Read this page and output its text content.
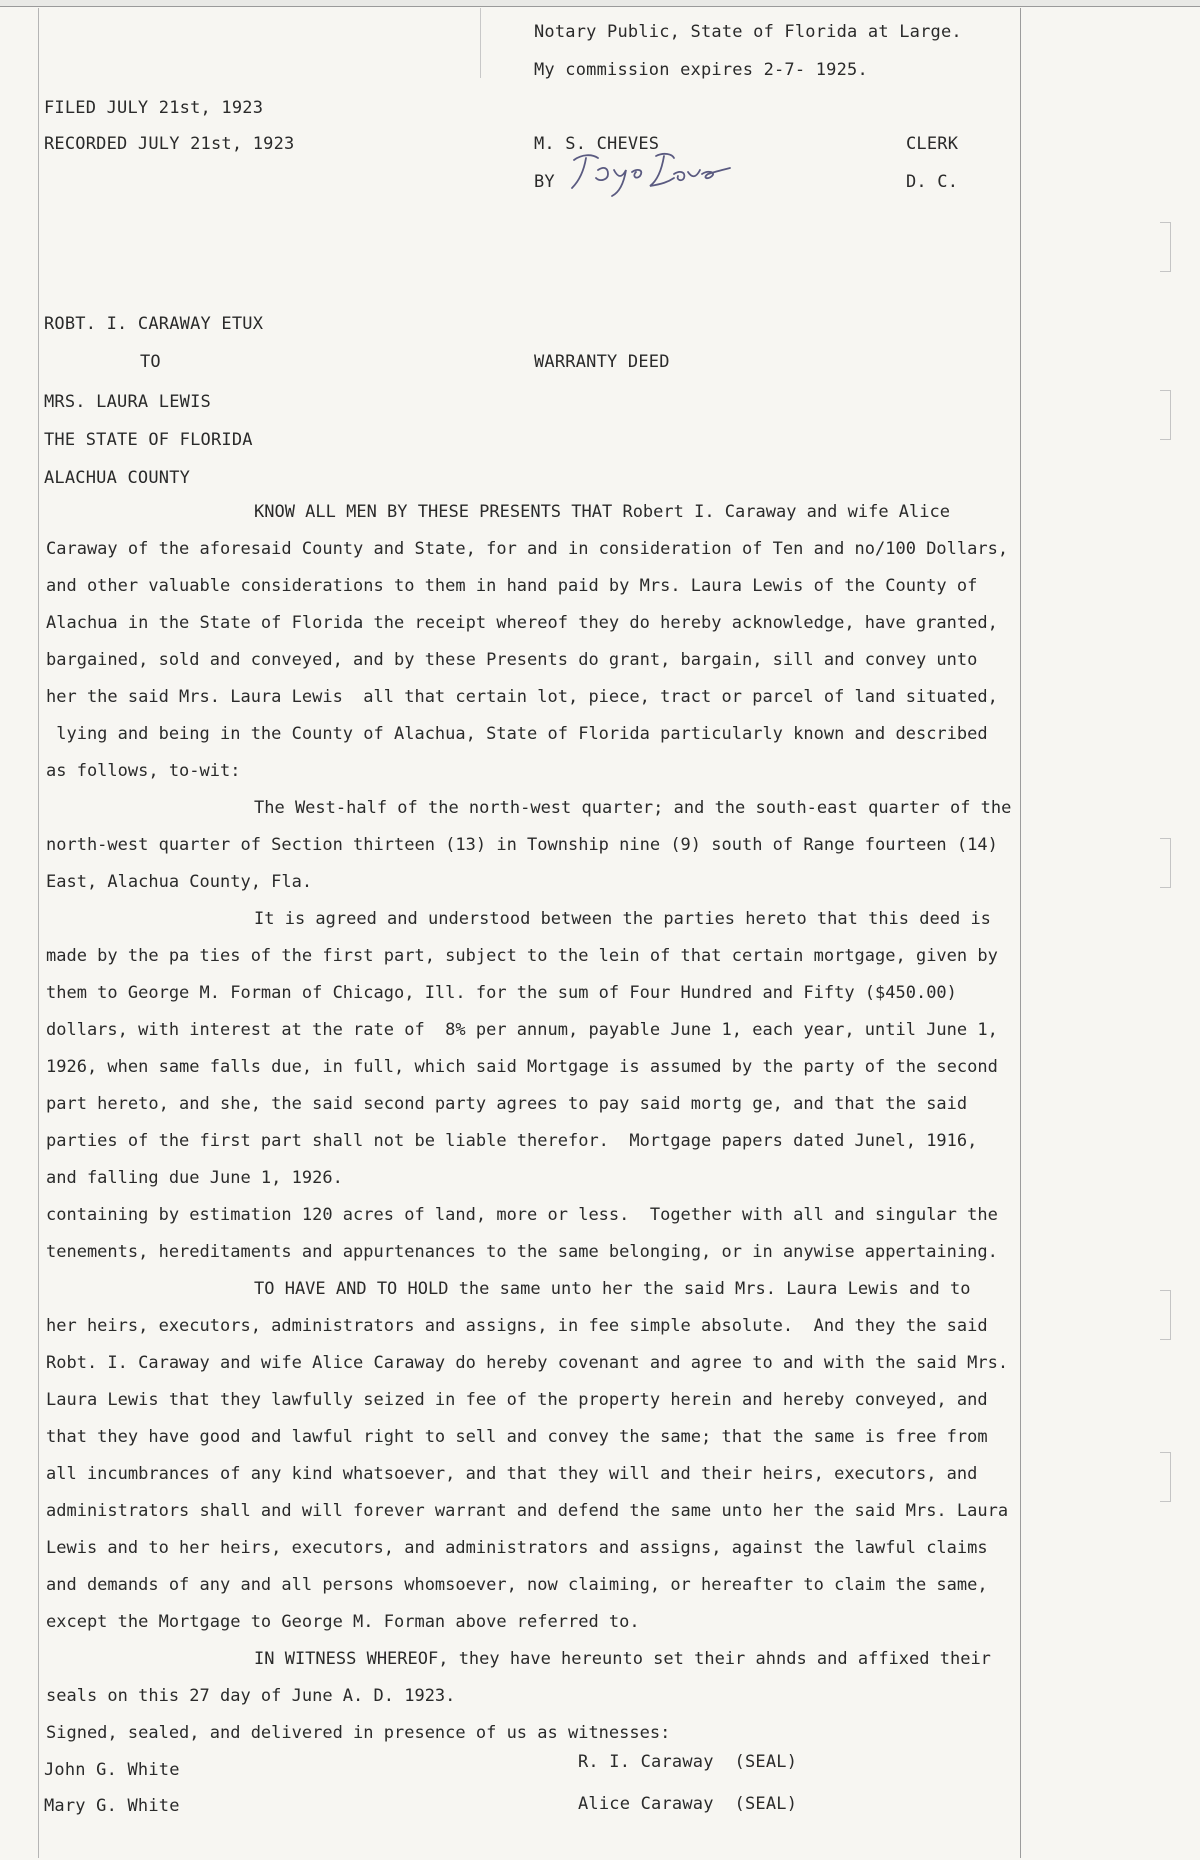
Notary Public, State of Florida at Large.
My commission expires 2-7- 1925.
FILED JULY 21st, 1923
RECORDED JULY 21st, 1923	M. S. CHEVES	CLERK
BY	D. C.
ROBT. I. CARAWAY ETUX
TO	WARRANTY DEED
MRS. LAURA LEWIS
THE STATE OF FLORIDA
ALACHUA COUNTY
KNOW ALL MEN BY THESE PRESENTS THAT Robert I. Caraway and wife Alice
Caraway of the aforesaid County and State, for and in consideration of Ten and no/100 Dollars,
and other valuable considerations to them in hand paid by Mrs. Laura Lewis of the County of
Alachua in the State of Florida the receipt whereof they do hereby acknowledge, have granted,
bargained, sold and conveyed, and by these Presents do grant, bargain, sill and convey unto
her the said Mrs. Laura Lewis  all that certain lot, piece, tract or parcel of land situated,
lying and being in the County of Alachua, State of Florida particularly known and described
as follows, to-wit:
The West-half of the north-west quarter; and the south-east quarter of the
north-west quarter of Section thirteen (13) in Township nine (9) south of Range fourteen (14)
East, Alachua County, Fla.
It is agreed and understood between the parties hereto that this deed is
made by the pa ties of the first part, subject to the lein of that certain mortgage, given by
them to George M. Forman of Chicago, Ill. for the sum of Four Hundred and Fifty ($450.00)
dollars, with interest at the rate of  8% per annum, payable June 1, each year, until June 1,
1926, when same falls due, in full, which said Mortgage is assumed by the party of the second
part hereto, and she, the said second party agrees to pay said mortg ge, and that the said
parties of the first part shall not be liable therefor.  Mortgage papers dated Junel, 1916,
and falling due June 1, 1926.
containing by estimation 120 acres of land, more or less.  Together with all and singular the
tenements, hereditaments and appurtenances to the same belonging, or in anywise appertaining.
TO HAVE AND TO HOLD the same unto her the said Mrs. Laura Lewis and to
her heirs, executors, administrators and assigns, in fee simple absolute.  And they the said
Robt. I. Caraway and wife Alice Caraway do hereby covenant and agree to and with the said Mrs.
Laura Lewis that they lawfully seized in fee of the property herein and hereby conveyed, and
that they have good and lawful right to sell and convey the same; that the same is free from
all incumbrances of any kind whatsoever, and that they will and their heirs, executors, and
administrators shall and will forever warrant and defend the same unto her the said Mrs. Laura
Lewis and to her heirs, executors, and administrators and assigns, against the lawful claims
and demands of any and all persons whomsoever, now claiming, or hereafter to claim the same,
except the Mortgage to George M. Forman above referred to.
IN WITNESS WHEREOF, they have hereunto set their ahnds and affixed their
seals on this 27 day of June A. D. 1923.
Signed, sealed, and delivered in presence of us as witnesses:
John G. White	R. I. Caraway  (SEAL)
Mary G. White	Alice Caraway  (SEAL)
